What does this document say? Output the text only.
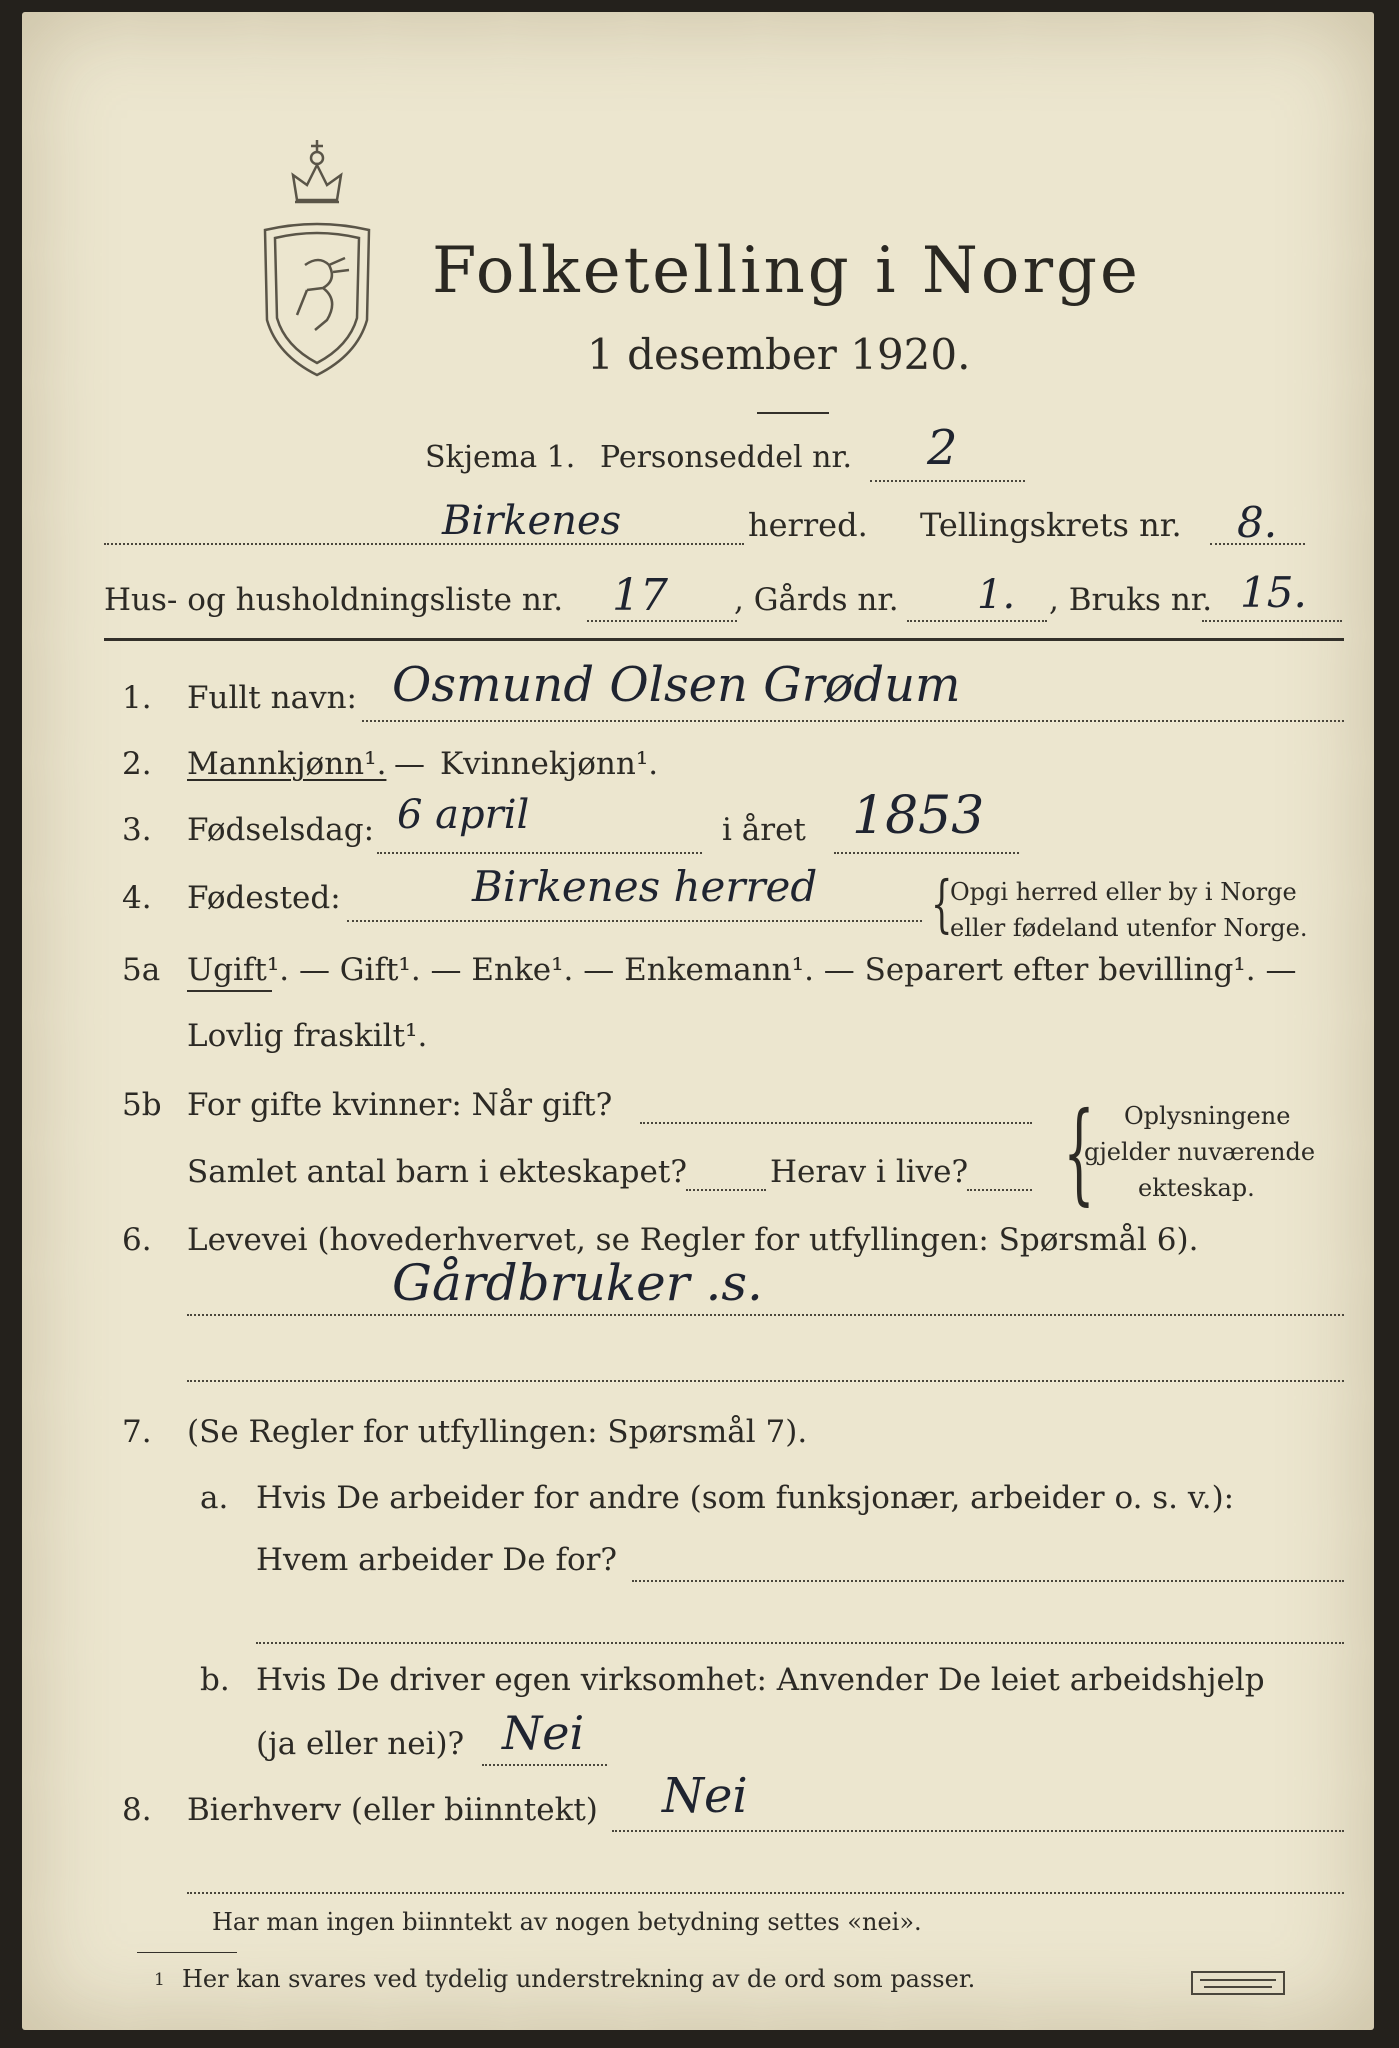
Folketelling i Norge
1 desember 1920.
Skjema 1. Personseddel nr. 2
Birkenes	herred. Tellingskrets nr. 8.
Hus- og husholdningsliste nr. 17 , Gårds nr. 1. , Bruks nr. 15.
1. Fullt navn: Osmund Olsen Grødum
2. Mannkjønn¹. — Kvinnekjønn¹.
3. Fødselsdag: 6 april	i året 1853
4. Fødested:	Birkenes herred {
Opgi herred eller by i Norge
eller fødeland utenfor Norge.
5a Ugift¹. — Gift¹. — Enke¹. — Enkemann¹. — Separert efter bevilling¹. —
Lovlig fraskilt¹.
5b For gifte kvinner: Når gift?
Samlet antal barn i ekteskapet?	Herav i live? { Oplysningene
gjelder nuværende
ekteskap.
6. Levevei (hovederhvervet, se Regler for utfyllingen: Spørsmål 6).
Gårdbruker .s.
7. (Se Regler for utfyllingen: Spørsmål 7).
a. Hvis De arbeider for andre (som funksjonær, arbeider o. s. v.):
Hvem arbeider De for?
b. Hvis De driver egen virksomhet: Anvender De leiet arbeidshjelp
(ja eller nei)? Nei
8. Bierhverv (eller biinntekt) Nei
Har man ingen biinntekt av nogen betydning settes «nei».
1 Her kan svares ved tydelig understrekning av de ord som passer.
